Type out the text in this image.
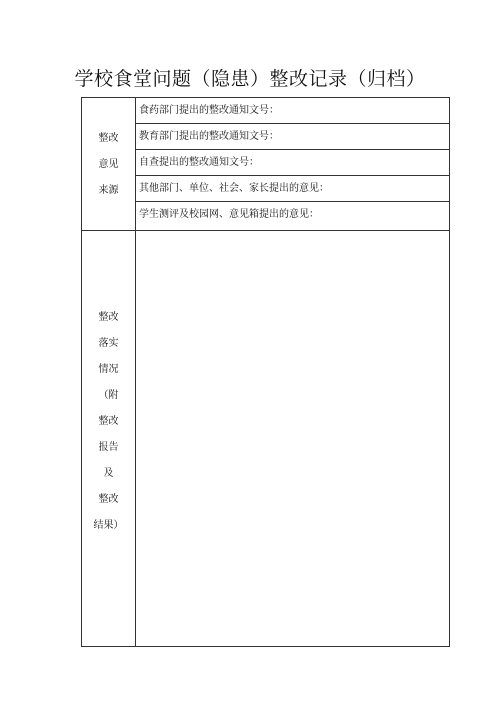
学校食堂问题（隐患）整改记录（归档）
整改
意见
来源
食药部门提出的整改通知文号：
教育部门提出的整改通知文号：
自查提出的整改通知文号：
其他部门、单位、社会、家长提出的意见：
学生测评及校园网、意见箱提出的意见：
整改
落实
情况
（附
整改
报告
及
整改
结果）
